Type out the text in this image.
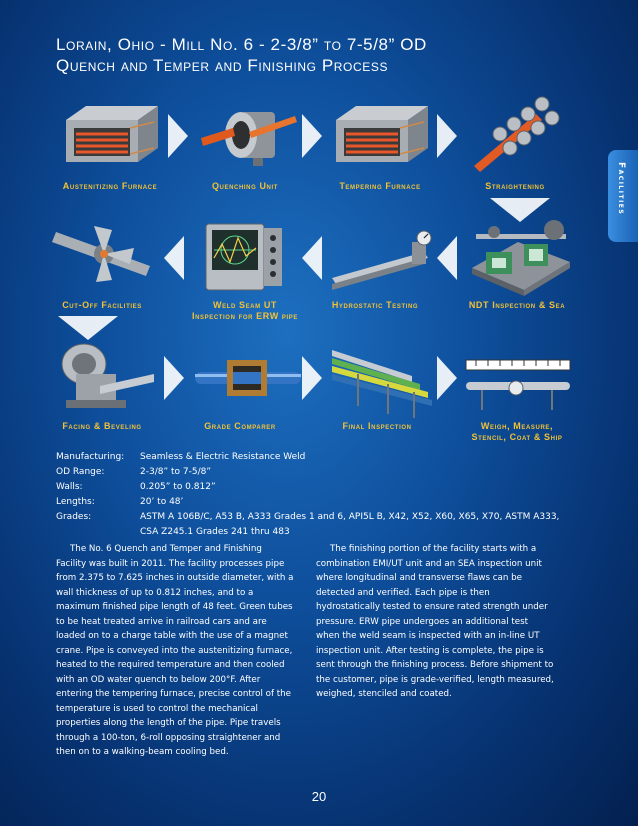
Lorain, Ohio - Mill No. 6 - 2-3/8” to 7-5/8” OD
Quench and Temper and Finishing Process
Facilities
Austenitizing Furnace	Quenching Unit	Tempering Furnace	Straightening
Cut-Off Facilities	Weld Seam UT Inspection for ERW pipe
Hydrostatic Testing	NDT Inspection & Sea
Facing & Beveling	Grade Comparer	Final Inspection	Weigh, Measure, Stencil, Coat & Ship
Manufacturing:	Seamless & Electric Resistance Weld
OD Range:	2-3/8” to 7-5/8”
Walls:	0.205” to 0.812”
Lengths:	20’ to 48’
Grades:	ASTM A 106B/C, A53 B, A333 Grades 1 and 6, API5L B, X42, X52, X60, X65, X70, ASTM A333, CSA Z245.1 Grades 241 thru 483

The No. 6 Quench and Temper and Finishing Facility was built in 2011. The facility processes pipe from 2.375 to 7.625 inches in outside diameter, with a wall thickness of up to 0.812 inches, and to a maximum finished pipe length of 48 feet. Green tubes to be heat treated arrive in railroad cars and are loaded on to a charge table with the use of a magnet crane. Pipe is conveyed into the austenitizing furnace, heated to the required temperature and then cooled with an OD water quench to below 200°F. After entering the tempering furnace, precise control of the temperature is used to control the mechanical properties along the length of the pipe. Pipe travels through a 100-ton, 6-roll opposing straightener and then on to a walking-beam cooling bed.

The finishing portion of the facility starts with a combination EMI/UT unit and an SEA inspection unit where longitudinal and transverse flaws can be detected and verified. Each pipe is then hydrostatically tested to ensure rated strength under pressure. ERW pipe undergoes an additional test when the weld seam is inspected with an in-line UT inspection unit. After testing is complete, the pipe is sent through the finishing process. Before shipment to the customer, pipe is grade-verified, length measured, weighed, stenciled and coated.

20
